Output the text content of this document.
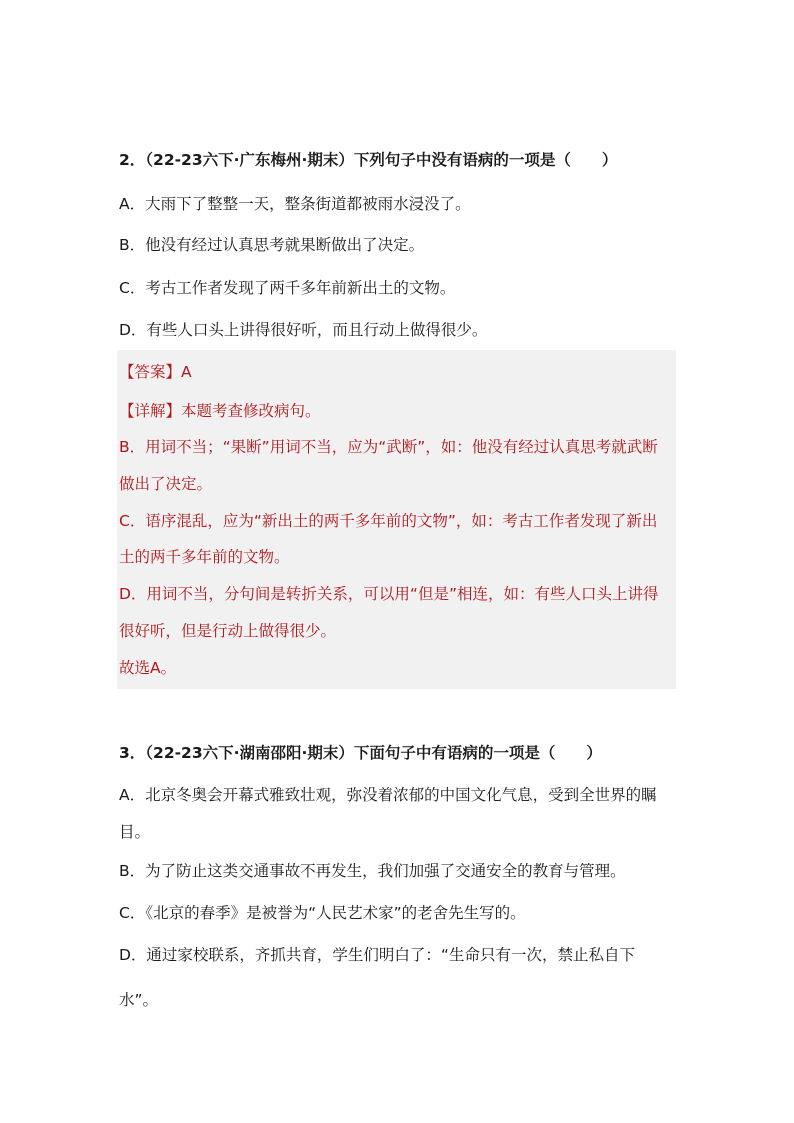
2．（22-23六下·广东梅州·期末）下列句子中没有语病的一项是（　　）
A．大雨下了整整一天，整条街道都被雨水浸没了。
B．他没有经过认真思考就果断做出了决定。
C．考古工作者发现了两千多年前新出土的文物。
D．有些人口头上讲得很好听，而且行动上做得很少。
【答案】A
【详解】本题考查修改病句。
B．用词不当；“果断”用词不当，应为“武断”，如：他没有经过认真思考就武断
做出了决定。
C．语序混乱，应为“新出土的两千多年前的文物”，如：考古工作者发现了新出
土的两千多年前的文物。
D．用词不当，分句间是转折关系，可以用“但是”相连，如：有些人口头上讲得
很好听，但是行动上做得很少。
故选A。
3．（22-23六下·湖南邵阳·期末）下面句子中有语病的一项是（　　）
A．北京冬奥会开幕式雅致壮观，弥没着浓郁的中国文化气息，受到全世界的瞩
目。
B．为了防止这类交通事故不再发生，我们加强了交通安全的教育与管理。
C．《北京的春季》是被誉为“人民艺术家”的老舍先生写的。
D．通过家校联系，齐抓共育，学生们明白了：“生命只有一次，禁止私自下
水”。
